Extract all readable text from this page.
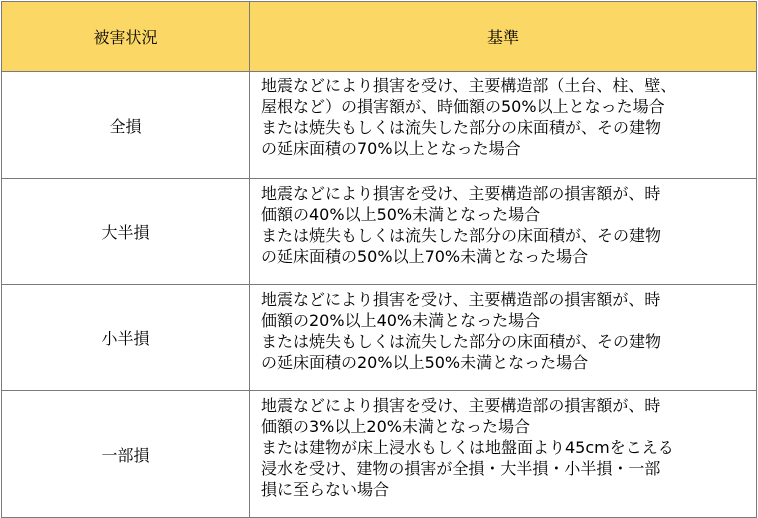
被害状況	基準
全損	地震などにより損害を受け、主要構造部（土台、柱、壁、
屋根など）の損害額が、時価額の50%以上となった場合
または焼失もしくは流失した部分の床面積が、その建物
の延床面積の70%以上となった場合

大半損	地震などにより損害を受け、主要構造部の損害額が、時
価額の40%以上50%未満となった場合
または焼失もしくは流失した部分の床面積が、その建物
の延床面積の50%以上70%未満となった場合

小半損	地震などにより損害を受け、主要構造部の損害額が、時
価額の20%以上40%未満となった場合
または焼失もしくは流失した部分の床面積が、その建物
の延床面積の20%以上50%未満となった場合

一部損	地震などにより損害を受け、主要構造部の損害額が、時
価額の3%以上20%未満となった場合
または建物が床上浸水もしくは地盤面より45cmをこえる
浸水を受け、建物の損害が全損・大半損・小半損・一部
損に至らない場合
